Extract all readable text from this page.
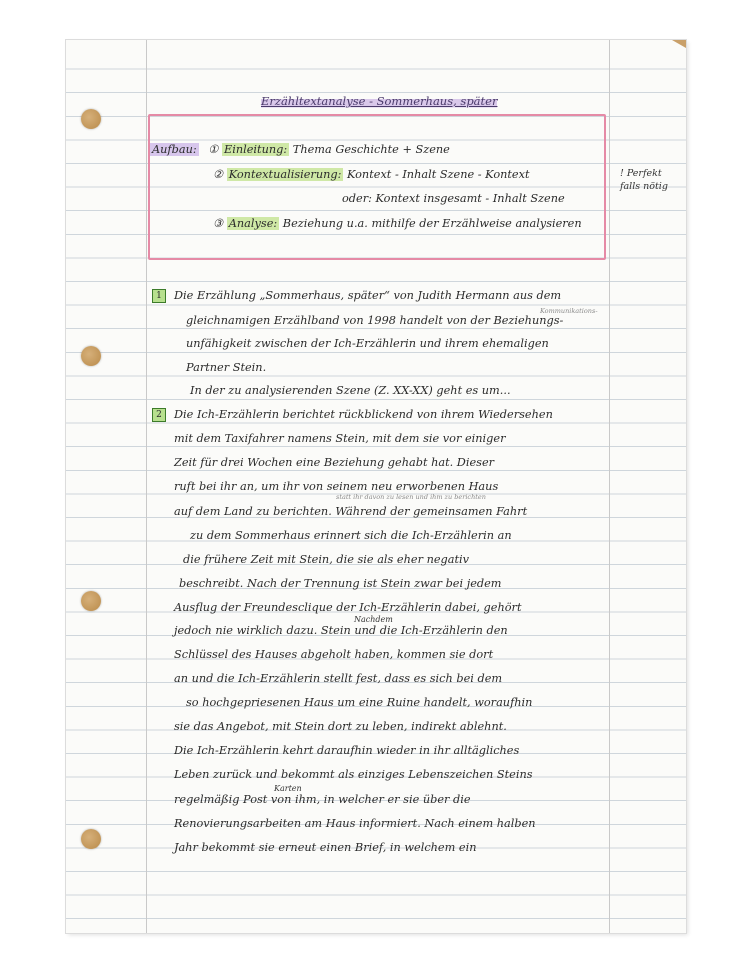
Erzähltextanalyse - Sommerhaus, später
Aufbau: ① Einleitung: Thema Geschichte + Szene
② Kontextualisierung: Kontext - Inhalt Szene - Kontext
oder: Kontext insgesamt - Inhalt Szene
③ Analyse: Beziehung u.a. mithilfe der Erzählweise analysieren
! Perfekt
falls nötig
Kommunikations-
1 Die Erzählung „Sommerhaus, später“ von Judith Hermann aus dem
gleichnamigen Erzählband von 1998 handelt von der Beziehungs-
unfähigkeit zwischen der Ich-Erzählerin und ihrem ehemaligen
Partner Stein.
In der zu analysierenden Szene (Z. XX-XX) geht es um...
2 Die Ich-Erzählerin berichtet rückblickend von ihrem Wiedersehen
mit dem Taxifahrer namens Stein, mit dem sie vor einiger
Zeit für drei Wochen eine Beziehung gehabt hat. Dieser
ruft bei ihr an, um ihr von seinem neu erworbenen Haus
statt ihr davon zu lesen und ihm zu berichten
auf dem Land zu berichten. Während der gemeinsamen Fahrt
zu dem Sommerhaus erinnert sich die Ich-Erzählerin an
die frühere Zeit mit Stein, die sie als eher negativ
beschreibt. Nach der Trennung ist Stein zwar bei jedem
Ausflug der Freundesclique der Ich-Erzählerin dabei, gehört
Nachdem
jedoch nie wirklich dazu. Stein und die Ich-Erzählerin den
Schlüssel des Hauses abgeholt haben, kommen sie dort
an und die Ich-Erzählerin stellt fest, dass es sich bei dem
so hochgepriesenen Haus um eine Ruine handelt, woraufhin
sie das Angebot, mit Stein dort zu leben, indirekt ablehnt.
Die Ich-Erzählerin kehrt daraufhin wieder in ihr alltägliches
Leben zurück und bekommt als einziges Lebenszeichen Steins
Karten
regelmäßig Post von ihm, in welcher er sie über die
Renovierungsarbeiten am Haus informiert. Nach einem halben
Jahr bekommt sie erneut einen Brief, in welchem ein
